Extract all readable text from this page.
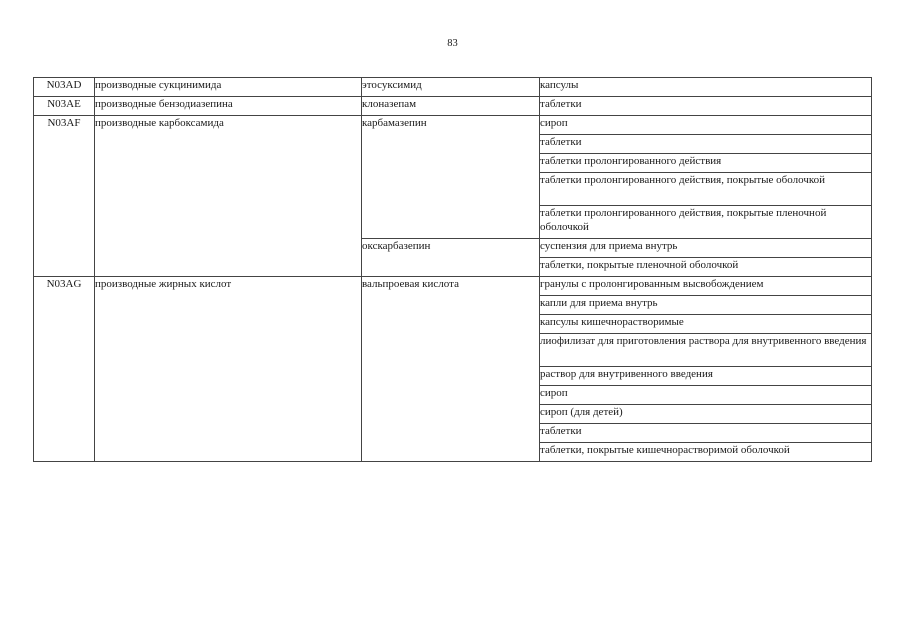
83
N03AD	производные сукцинимида	этосуксимид	капсулы
N03AE	производные бензодиазепина	клоназепам	таблетки
N03AF	производные карбоксамида	карбамазепин	сироп
			таблетки
			таблетки пролонгированного действия
			таблетки пролонгированного действия, покрытые оболочкой
			таблетки пролонгированного действия, покрытые пленочной оболочкой
		окскарбазепин	суспензия для приема внутрь
			таблетки, покрытые пленочной оболочкой
N03AG	производные жирных кислот	вальпроевая кислота	гранулы с пролонгированным высвобождением
			капли для приема внутрь
			капсулы кишечнорастворимые
			лиофилизат для приготовления раствора для внутривенного введения
			раствор для внутривенного введения
			сироп
			сироп (для детей)
			таблетки
			таблетки, покрытые кишечнорастворимой оболочкой
